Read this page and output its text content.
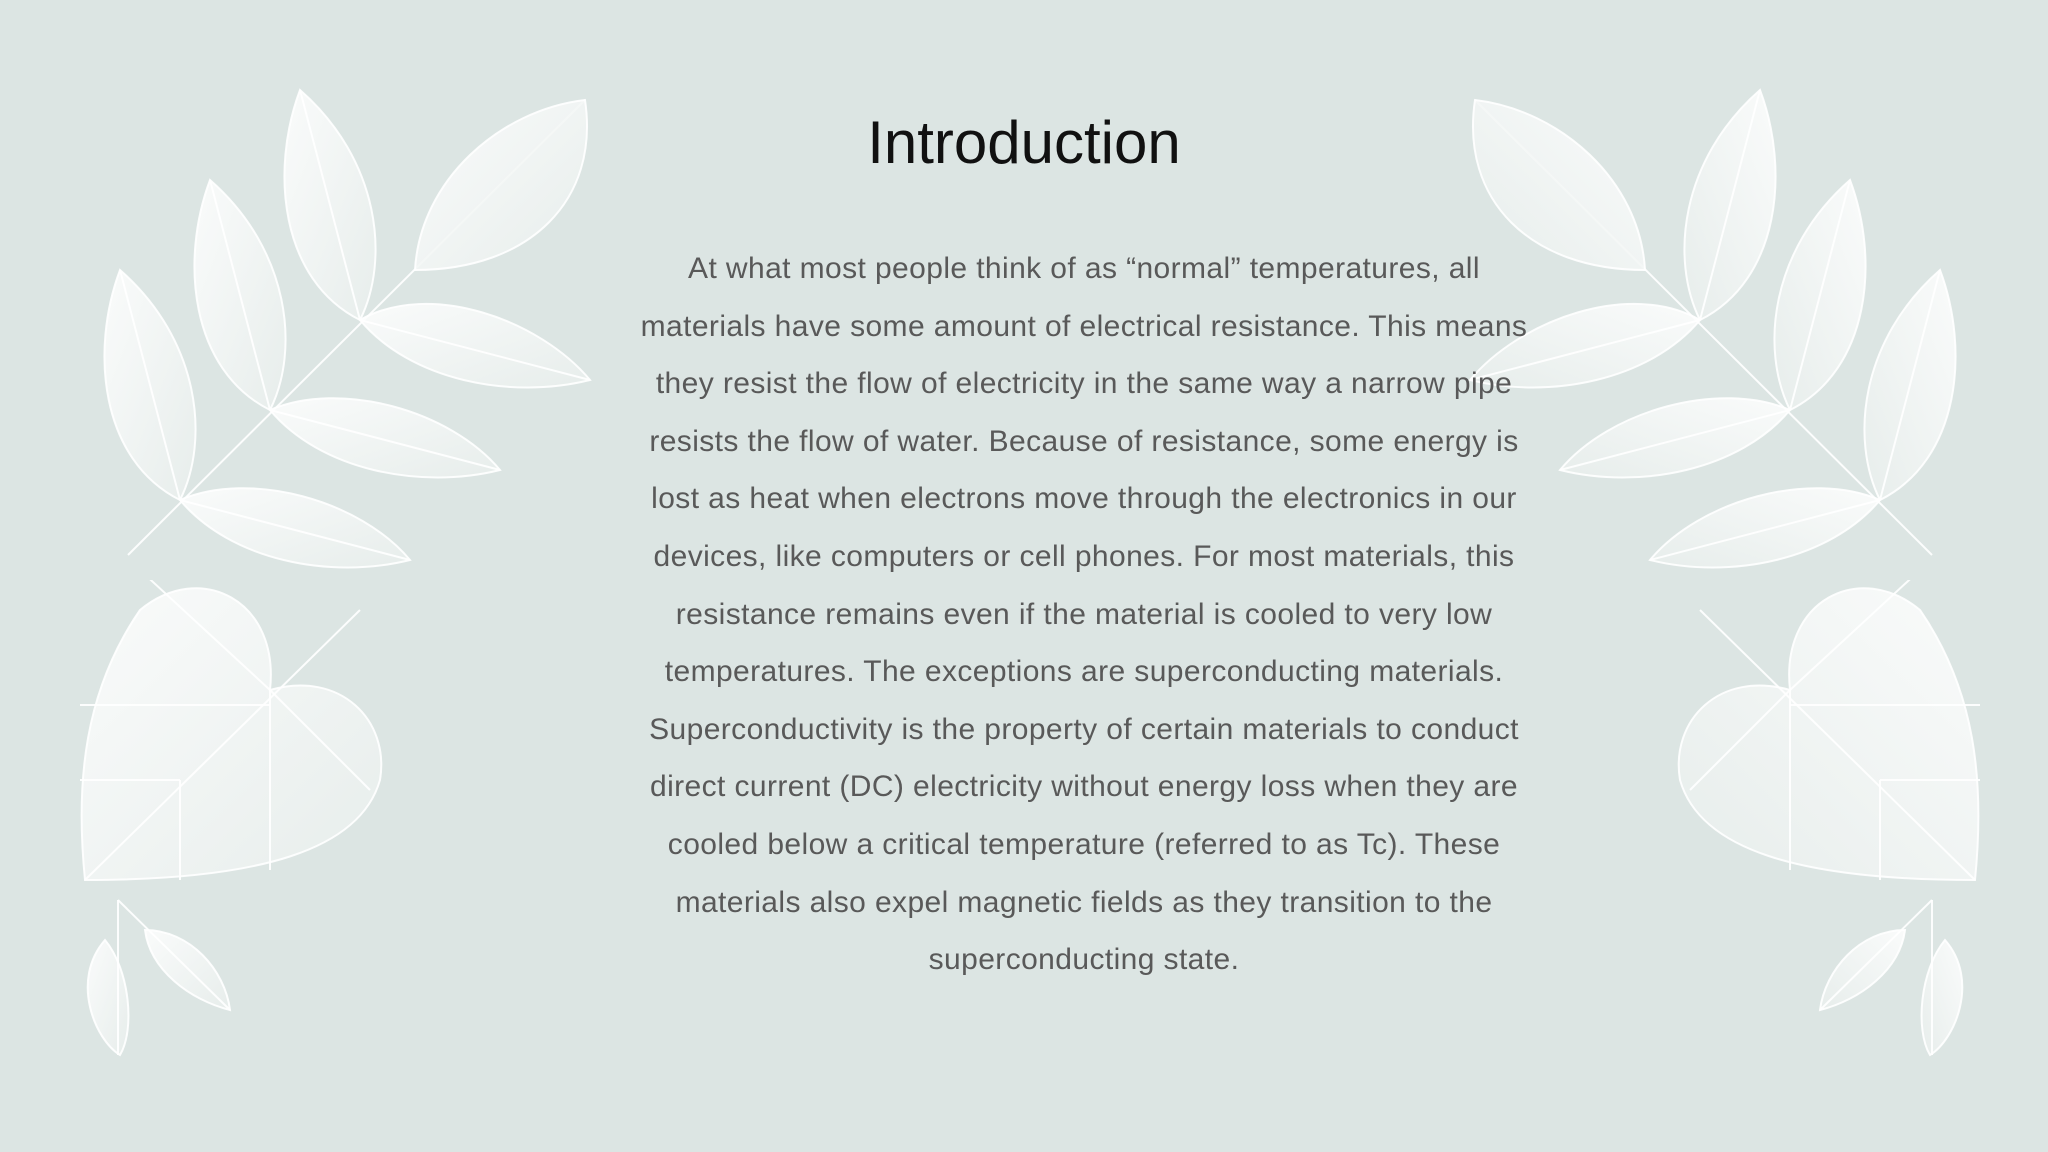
Introduction

At what most people think of as “normal” temperatures, all materials have some amount of electrical resistance. This means they resist the flow of electricity in the same way a narrow pipe resists the flow of water. Because of resistance, some energy is lost as heat when electrons move through the electronics in our devices, like computers or cell phones. For most materials, this resistance remains even if the material is cooled to very low temperatures. The exceptions are superconducting materials. Superconductivity is the property of certain materials to conduct direct current (DC) electricity without energy loss when they are cooled below a critical temperature (referred to as Tc). These materials also expel magnetic fields as they transition to the superconducting state.
